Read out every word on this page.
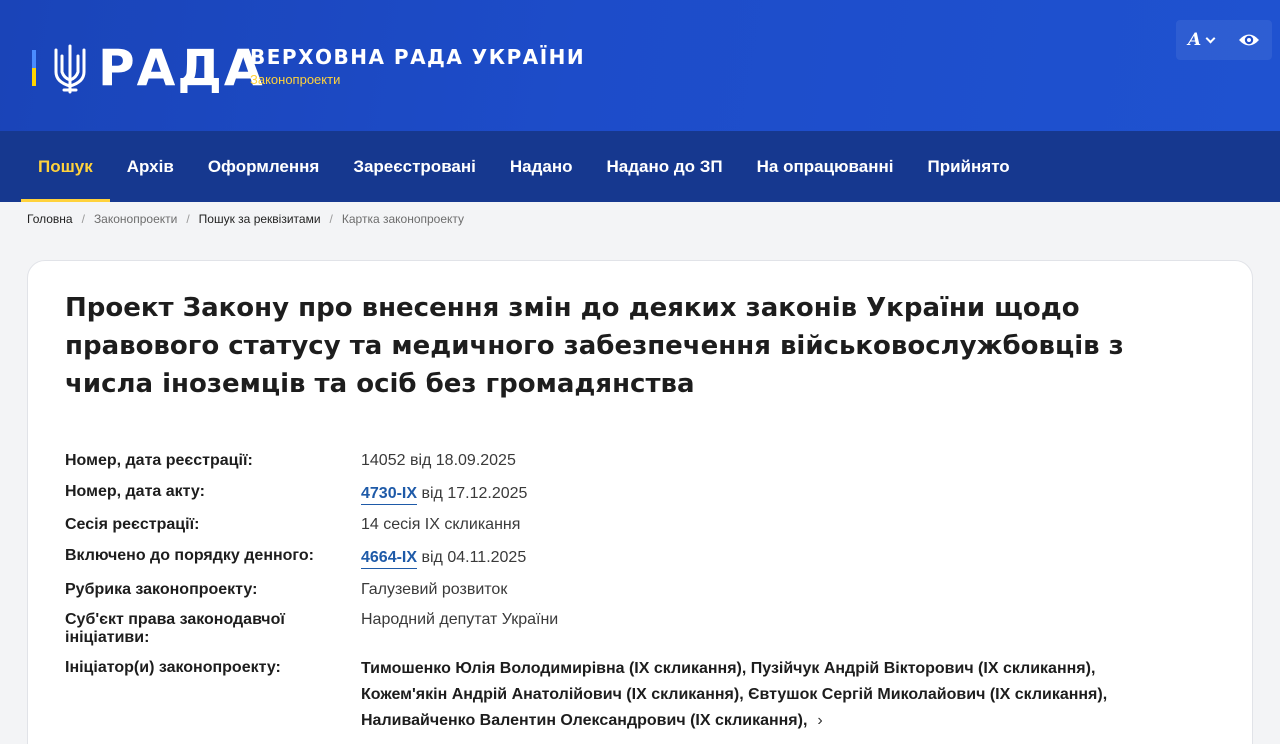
РАДА
ВЕРХОВНА РАДА УКРАЇНИ
Законопроекти
A
Пошук	Архів	Оформлення	Зареєстровані	Надано	Надано до ЗП	На опрацюванні	Прийнято
Головна / Законопроекти / Пошук за реквізитами / Картка законопроекту
Проект Закону про внесення змін до деяких законів України щодо правового статусу та медичного забезпечення військовослужбовців з числа іноземців та осіб без громадянства
Номер, дата реєстрації:	14052 від 18.09.2025
Номер, дата акту:	4730-IX від 17.12.2025
Сесія реєстрації:	14 сесія IX скликання
Включено до порядку денного:	4664-IX від 04.11.2025
Рубрика законопроекту:	Галузевий розвиток
Суб'єкт права законодавчої ініціативи:
Народний депутат України
Ініціатор(и) законопроекту:	Тимошенко Юлія Володимирівна (IX скликання), Пузійчук Андрій Вікторович (IX скликання),
Кожем'якін Андрій Анатолійович (IX скликання), Євтушок Сергій Миколайович (IX скликання),
Наливайченко Валентин Олександрович (IX скликання), ›
